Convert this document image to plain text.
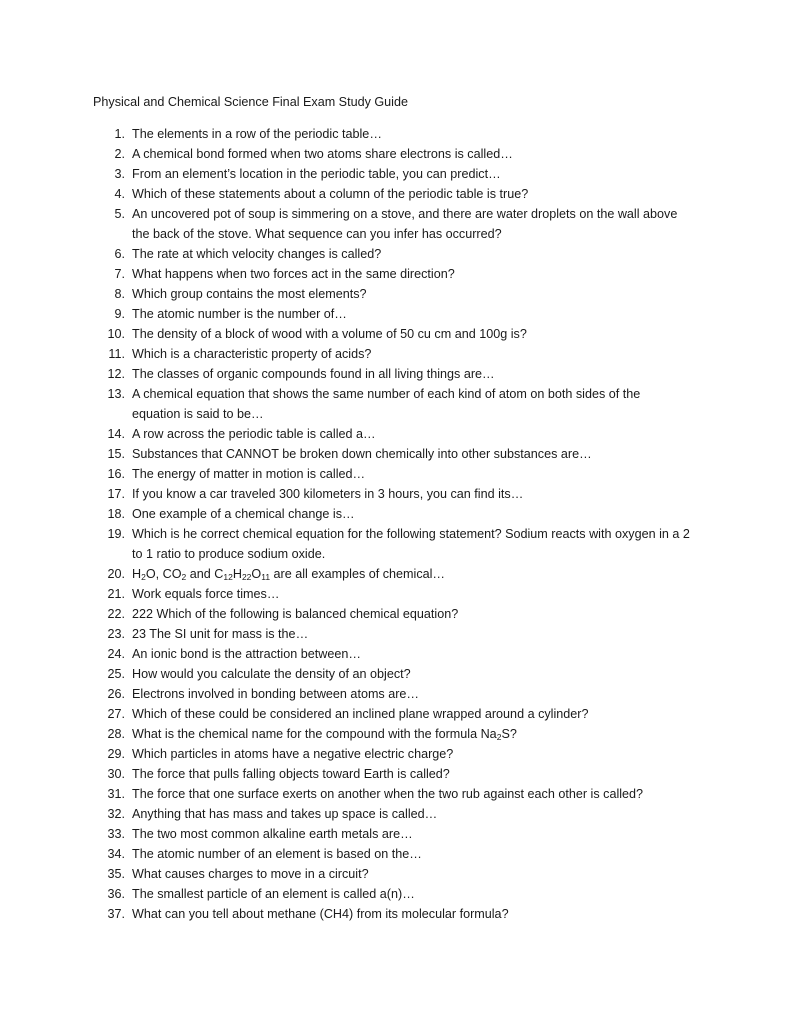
Physical and Chemical Science Final Exam Study Guide
1. The elements in a row of the periodic table…
2. A chemical bond formed when two atoms share electrons is called…
3. From an element’s location in the periodic table, you can predict…
4. Which of these statements about a column of the periodic table is true?
5. An uncovered pot of soup is simmering on a stove, and there are water droplets on the wall above the back of the stove. What sequence can you infer has occurred?
6. The rate at which velocity changes is called?
7. What happens when two forces act in the same direction?
8. Which group contains the most elements?
9. The atomic number is the number of…
10. The density of a block of wood with a volume of 50 cu cm and 100g is?
11. Which is a characteristic property of acids?
12. The classes of organic compounds found in all living things are…
13. A chemical equation that shows the same number of each kind of atom on both sides of the equation is said to be…
14. A row across the periodic table is called a…
15. Substances that CANNOT be broken down chemically into other substances are…
16. The energy of matter in motion is called…
17. If you know a car traveled 300 kilometers in 3 hours, you can find its…
18. One example of a chemical change is…
19. Which is he correct chemical equation for the following statement? Sodium reacts with oxygen in a 2 to 1 ratio to produce sodium oxide.
20. $H_2O$, $CO_2$ and $C_{12}H_{22}O_{11}$ are all examples of chemical…
21. Work equals force times…
22. 222 Which of the following is balanced chemical equation?
23. 23 The SI unit for mass is the…
24. An ionic bond is the attraction between…
25. How would you calculate the density of an object?
26. Electrons involved in bonding between atoms are…
27. Which of these could be considered an inclined plane wrapped around a cylinder?
28. What is the chemical name for the compound with the formula $Na_2S$?
29. Which particles in atoms have a negative electric charge?
30. The force that pulls falling objects toward Earth is called?
31. The force that one surface exerts on another when the two rub against each other is called?
32. Anything that has mass and takes up space is called…
33. The two most common alkaline earth metals are…
34. The atomic number of an element is based on the…
35. What causes charges to move in a circuit?
36. The smallest particle of an element is called a(n)…
37. What can you tell about methane (CH4) from its molecular formula?
